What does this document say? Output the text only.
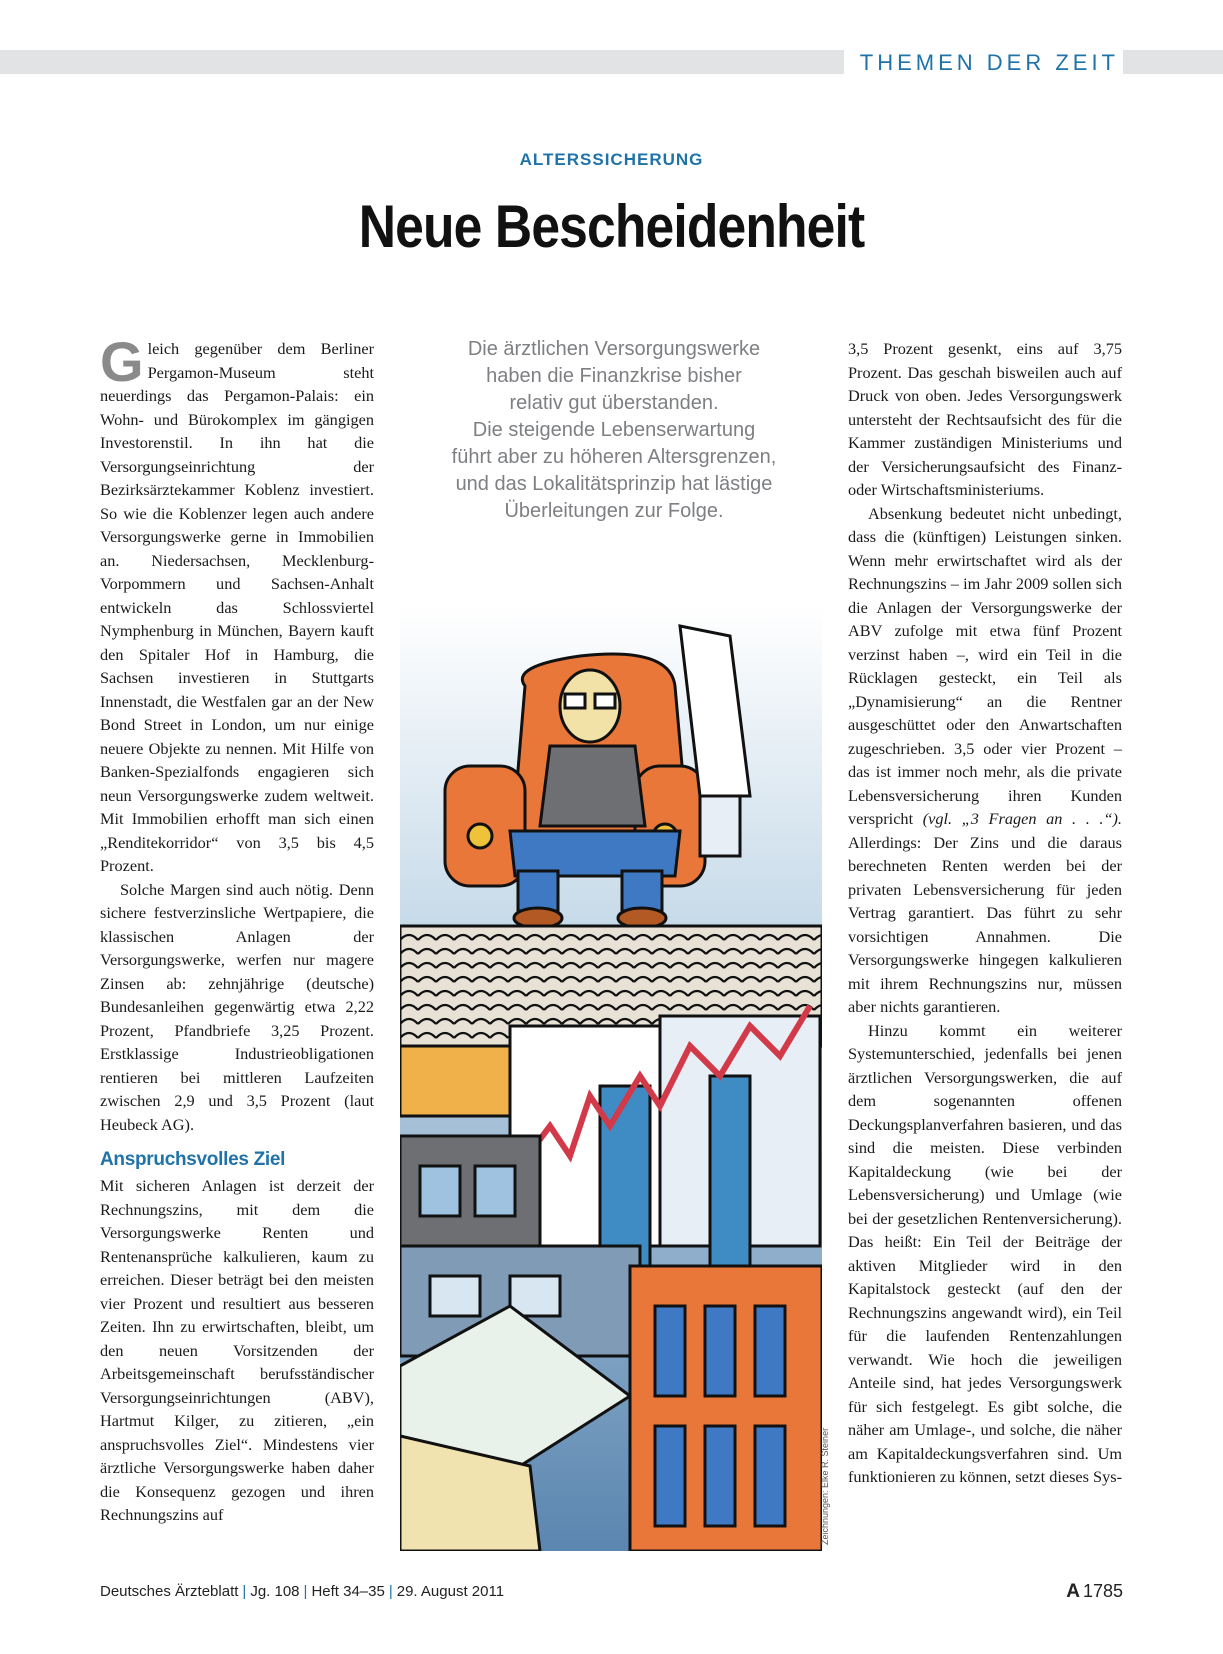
THEMEN DER ZEIT
ALTERSSICHERUNG
Neue Bescheidenheit

Gleich gegenüber dem Berliner Pergamon-Museum steht neuerdings das Pergamon-Palais: ein Wohn- und Bürokomplex im gängigen Investorenstil. In ihn hat die Versorgungseinrichtung der Bezirksärztekammer Koblenz investiert. So wie die Koblenzer legen auch andere Versorgungswerke gerne in Immobilien an. Niedersachsen, Mecklenburg-Vorpommern und Sachsen-Anhalt entwickeln das Schlossviertel Nymphenburg in München, Bayern kauft den Spitaler Hof in Hamburg, die Sachsen investieren in Stuttgarts Innenstadt, die Westfalen gar an der New Bond Street in London, um nur einige neuere Objekte zu nennen. Mit Hilfe von Banken-Spezialfonds engagieren sich neun Versorgungswerke zudem weltweit. Mit Immobilien erhofft man sich einen „Renditekorridor“ von 3,5 bis 4,5 Prozent.

Solche Margen sind auch nötig. Denn sichere festverzinsliche Wertpapiere, die klassischen Anlagen der Versorgungswerke, werfen nur magere Zinsen ab: zehnjährige (deutsche) Bundesanleihen gegenwärtig etwa 2,22 Prozent, Pfandbriefe 3,25 Prozent. Erstklassige Industrieobligationen rentieren bei mittleren Laufzeiten zwischen 2,9 und 3,5 Prozent (laut Heubeck AG).

Anspruchsvolles Ziel

Mit sicheren Anlagen ist derzeit der Rechnungszins, mit dem die Versorgungswerke Renten und Rentenansprüche kalkulieren, kaum zu erreichen. Dieser beträgt bei den meisten vier Prozent und resultiert aus besseren Zeiten. Ihn zu erwirtschaften, bleibt, um den neuen Vorsitzenden der Arbeitsgemeinschaft berufsständischer Versorgungseinrichtungen (ABV), Hartmut Kilger, zu zitieren, „ein anspruchsvolles Ziel“. Mindestens vier ärztliche Versorgungswerke haben daher die Konsequenz gezogen und ihren Rechnungszins auf

Die ärztlichen Versorgungswerke
haben die Finanzkrise bisher
relativ gut überstanden.
Die steigende Lebenserwartung
führt aber zu höheren Altersgrenzen,
und das Lokalitätsprinzip hat lästige
Überleitungen zur Folge.
Zeichnungen: Elke R. Steiner

3,5 Prozent gesenkt, eins auf 3,75 Prozent. Das geschah bisweilen auch auf Druck von oben. Jedes Versorgungswerk untersteht der Rechtsaufsicht des für die Kammer zuständigen Ministeriums und der Versicherungsaufsicht des Finanz- oder Wirtschaftsministeriums.

Absenkung bedeutet nicht unbedingt, dass die (künftigen) Leistungen sinken. Wenn mehr erwirtschaftet wird als der Rechnungszins – im Jahr 2009 sollen sich die Anlagen der Versorgungswerke der ABV zufolge mit etwa fünf Prozent verzinst haben –, wird ein Teil in die Rücklagen gesteckt, ein Teil als „Dynamisierung“ an die Rentner ausgeschüttet oder den Anwartschaften zugeschrieben. 3,5 oder vier Prozent – das ist immer noch mehr, als die private Lebensversicherung ihren Kunden verspricht (vgl. „3 Fragen an . . .“). Allerdings: Der Zins und die daraus berechneten Renten werden bei der privaten Lebensversicherung für jeden Vertrag garantiert. Das führt zu sehr vorsichtigen Annahmen. Die Versorgungswerke hingegen kalkulieren mit ihrem Rechnungszins nur, müssen aber nichts garantieren.

Hinzu kommt ein weiterer Systemunterschied, jedenfalls bei jenen ärztlichen Versorgungswerken, die auf dem sogenannten offenen Deckungsplanverfahren basieren, und das sind die meisten. Diese verbinden Kapitaldeckung (wie bei der Lebensversicherung) und Umlage (wie bei der gesetzlichen Rentenversicherung). Das heißt: Ein Teil der Beiträge der aktiven Mitglieder wird in den Kapitalstock gesteckt (auf den der Rechnungszins angewandt wird), ein Teil für die laufenden Rentenzahlungen verwandt. Wie hoch die jeweiligen Anteile sind, hat jedes Versorgungswerk für sich festgelegt. Es gibt solche, die näher am Umlage-, und solche, die näher am Kapitaldeckungsverfahren sind. Um funktionieren zu können, setzt dieses Sys-

Deutsches Ärzteblatt | Jg. 108 | Heft 34–35 | 29. August 2011	A 1785
